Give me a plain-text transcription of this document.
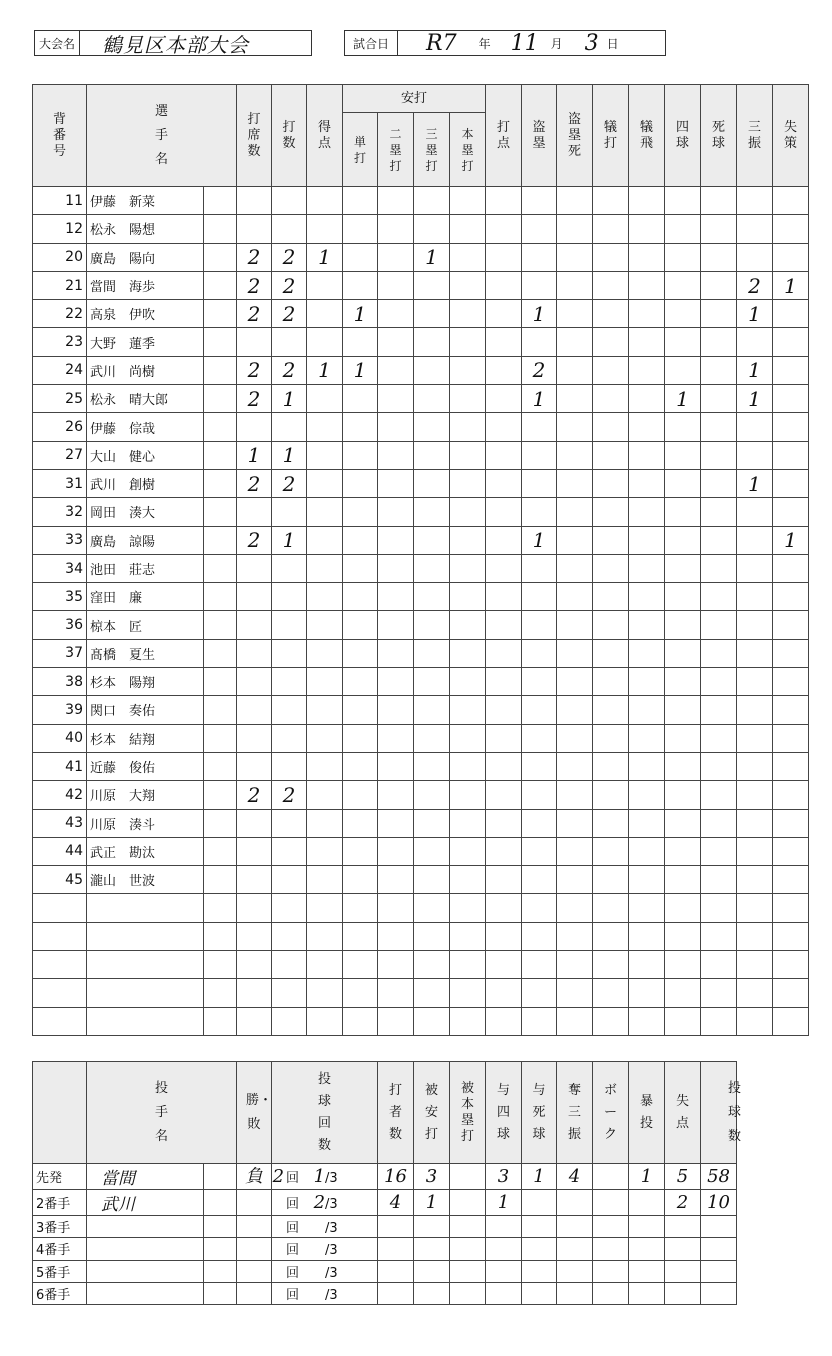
大会名	鶴見区本部大会	試合日	R7 年 11 月 3 日
背番号	選手名		打席数	打数	得点	安打				打点	盗塁	盗塁死	犠打	犠飛	四球	死球	三振	失策
						単打	二塁打	三塁打	本塁打									
11	伊藤　新菜																	
12	松永　陽想																	
20	廣島　陽向		2	2	1			1										
21	當間　海歩		2	2													2	1
22	高泉　伊吹		2	2		1					1						1	
23	大野　蓮季																	
24	武川　尚樹		2	2	1	1					2						1	
25	松永　晴大郎		2	1							1				1		1	
26	伊藤　倧哉																	
27	大山　健心		1	1														
31	武川　創樹		2	2													1	
32	岡田　湊大																	
33	廣島　諒陽		2	1							1							1
34	池田　莊志																	
35	窪田　廉																	
36	椋本　匠																	
37	髙橋　夏生																	
38	杉本　陽翔																	
39	関口　奏佑																	
40	杉本　結翔																	
41	近藤　俊佑																	
42	川原　大翔		2	2														
43	川原　湊斗																	
44	武正　勘汰																	
45	瀧山　世波																	

	投手名		勝・敗	投球回数	打者数	被安打	被本塁打	与四球	与死球	奪三振	ボーク	暴投	失点	投球数
先発	當間		負	2 回 1/3	16	3		3	1	4		1	5	58
2番手	武川			回 2/3	4	1		1					2	10
3番手				回 /3										
4番手				回 /3										
5番手				回 /3										
6番手				回 /3										
